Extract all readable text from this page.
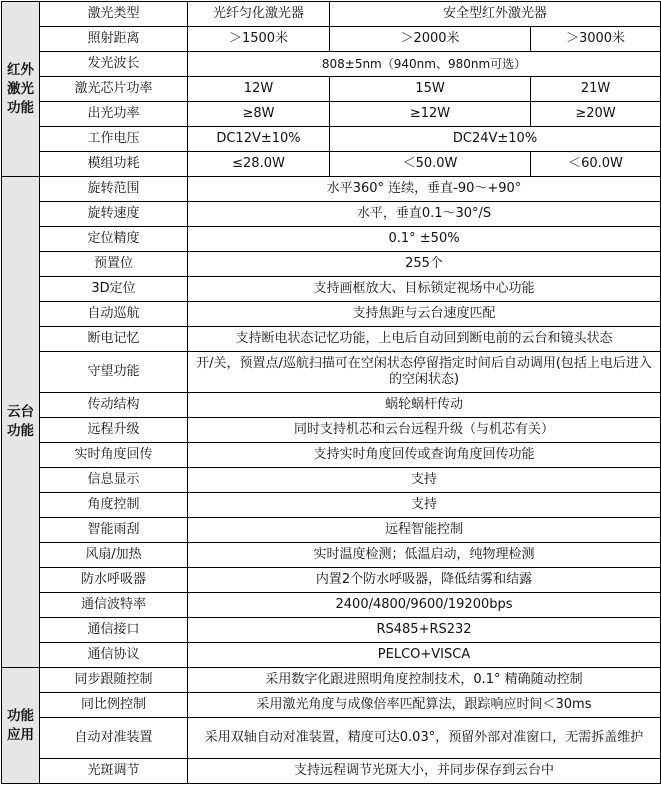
红外激光功能	激光类型	光纤匀化激光器	安全型红外激光器	
	照射距离	＞1500米	＞2000米	＞3000米
	发光波长	808±5nm（940nm、980nm可选）		
	激光芯片功率	12W	15W	21W
	出光功率	≥8W	≥12W	≥20W
	工作电压	DC12V±10%	DC24V±10%	
	模组功耗	≤28.0W	＜50.0W	＜60.0W
云台功能	旋转范围	水平360° 连续，垂直-90～+90°		
	旋转速度	水平，垂直0.1～30°/S		
	定位精度	0.1° ±50%		
	预置位	255个		
	3D定位	支持画框放大、目标锁定视场中心功能		
	自动巡航	支持焦距与云台速度匹配		
	断电记忆	支持断电状态记忆功能，上电后自动回到断电前的云台和镜头状态		
	守望功能	开/关，预置点/巡航扫描可在空闲状态停留指定时间后自动调用(包括上电后进入的空闲状态)		
	传动结构	蜗轮蜗杆传动		
	远程升级	同时支持机芯和云台远程升级（与机芯有关）		
	实时角度回传	支持实时角度回传或查询角度回传功能		
	信息显示	支持		
	角度控制	支持		
	智能雨刮	远程智能控制		
	风扇/加热	实时温度检测；低温启动，纯物理检测		
	防水呼吸器	内置2个防水呼吸器，降低结雾和结露		
	通信波特率	2400/4800/9600/19200bps		
	通信接口	RS485+RS232		
	通信协议	PELCO+VISCA		
功能应用	同步跟随控制	采用数字化跟进照明角度控制技术，0.1° 精确随动控制		
	同比例控制	采用激光角度与成像倍率匹配算法，跟踪响应时间＜30ms		
	自动对准装置	采用双轴自动对准装置，精度可达0.03°，预留外部对准窗口，无需拆盖维护		
	光斑调节	支持远程调节光斑大小，并同步保存到云台中		
